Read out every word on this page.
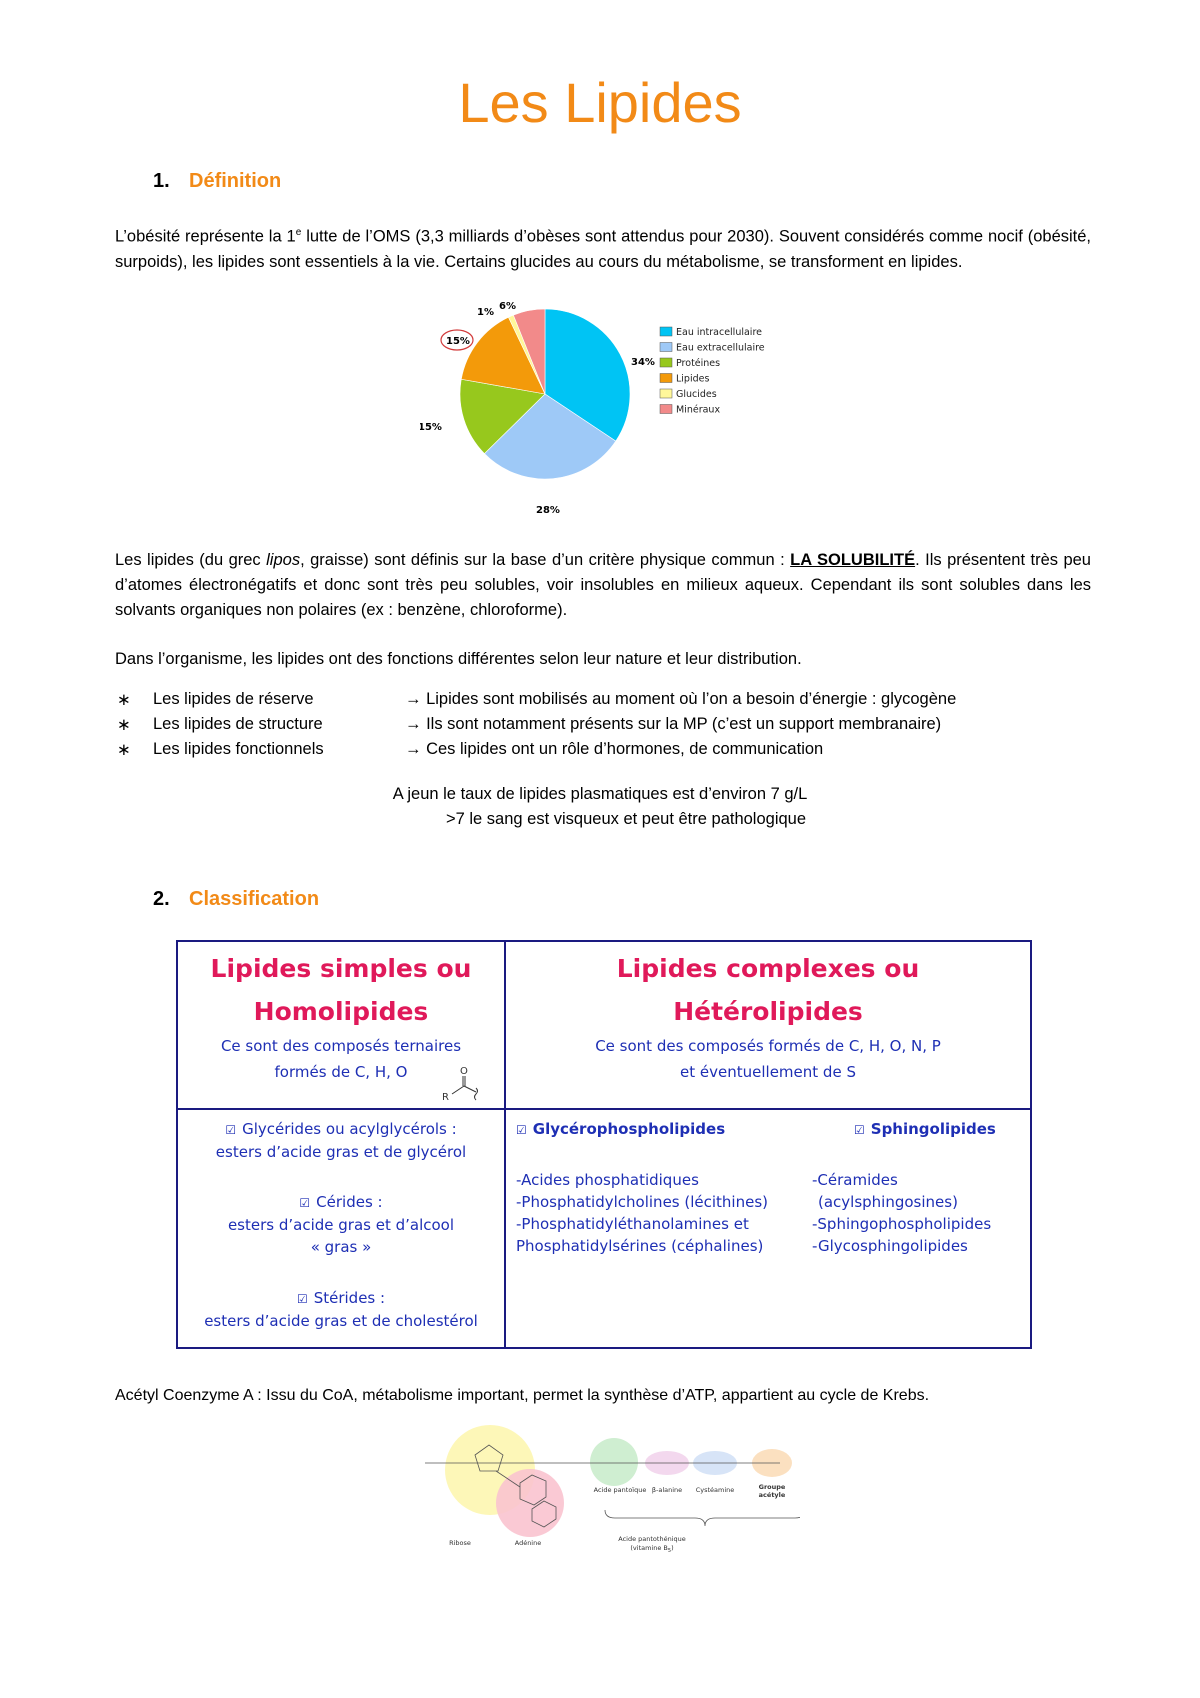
Les Lipides
1. Définition
L’obésité représente la 1e lutte de l’OMS (3,3 milliards d’obèses sont attendus pour 2030). Souvent considérés comme nocif (obésité, surpoids), les lipides sont essentiels à la vie. Certains glucides au cours du métabolisme, se transforment en lipides.
1%
6%
15%
34%
15%
28%
Eau intracellulaire
Eau extracellulaire
Protéines
Lipides
Glucides
Minéraux
Les lipides (du grec lipos, graisse) sont définis sur la base d’un critère physique commun : LA SOLUBILITÉ. Ils présentent très peu d’atomes électronégatifs et donc sont très peu solubles, voir insolubles en milieux aqueux. Cependant ils sont solubles dans les solvants organiques non polaires (ex : benzène, chloroforme).
Dans l’organisme, les lipides ont des fonctions différentes selon leur nature et leur distribution.
∗	Les lipides de réserve	→ Lipides sont mobilisés au moment où l’on a besoin d’énergie : glycogène
∗	Les lipides de structure	→ Ils sont notamment présents sur la MP (c’est un support membranaire)
∗	Les lipides fonctionnels	→ Ces lipides ont un rôle d’hormones, de communication
A jeun le taux de lipides plasmatiques est d’environ 7 g/L
>7 le sang est visqueux et peut être pathologique
2. Classification
Lipides simples ou
Homolipides
Ce sont des composés ternaires
formés de C, H, O	O
R
Lipides complexes ou
Hétérolipides
Ce sont des composés formés de C, H, O, N, P
et éventuellement de S
☑ Glycérides ou acylglycérols :
esters d’acide gras et de glycérol
☑ Cérides :
esters d’acide gras et d’alcool
« gras »
☑ Stérides :
esters d’acide gras et de cholestérol
☑ Glycérophospholipides
-Acides phosphatidiques
-Phosphatidylcholines (lécithines)
-Phosphatidyléthanolamines et
Phosphatidylsérines (céphalines)
☑ Sphingolipides
-Céramides
(acylsphingosines)
-Sphingophospholipides
-Glycosphingolipides
Acétyl Coenzyme A : Issu du CoA, métabolisme important, permet la synthèse d’ATP, appartient au cycle de Krebs.
Acide pantoïque β-alanine Cystéamine	Groupe
acétyle
Ribose	Adénine	Acide pantothénique
(vitamine $B_5$)
